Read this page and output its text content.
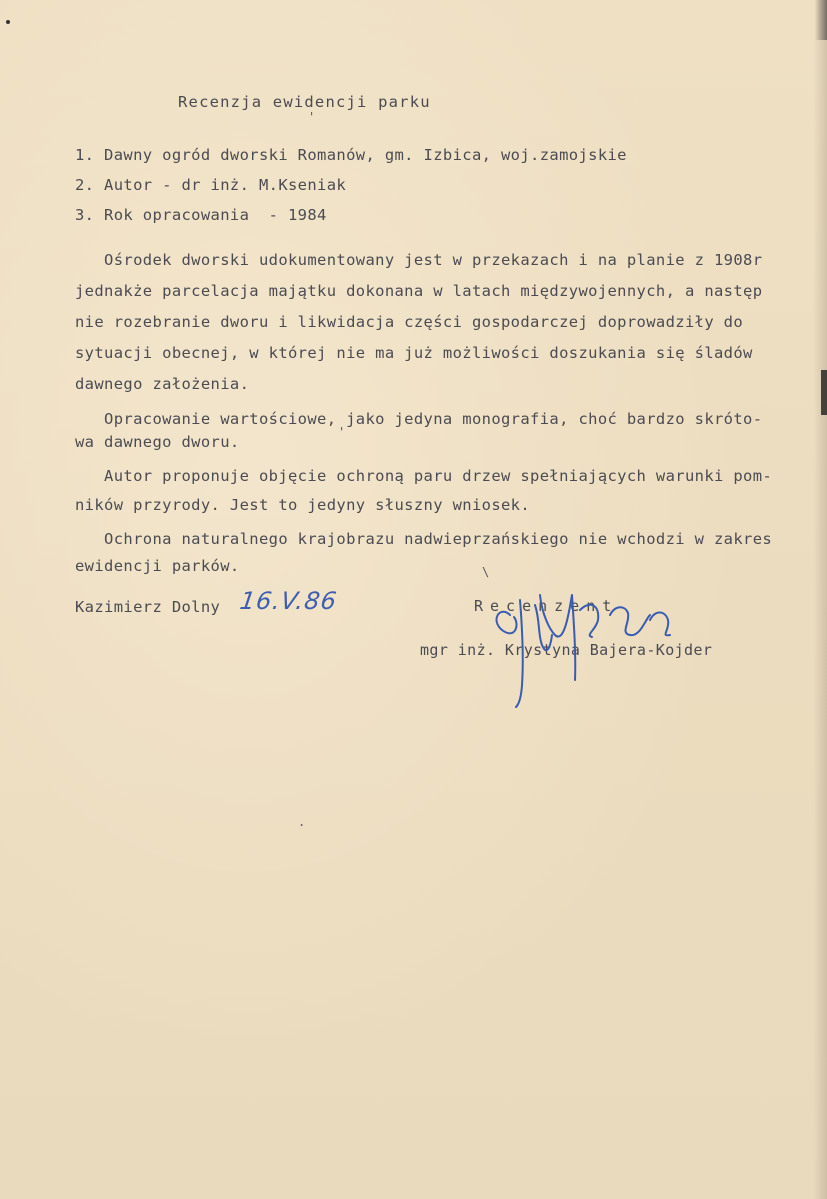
Recenzja ewidencji parku
1. Dawny ogród dworski Romanów, gm. Izbica, woj.zamojskie
2. Autor - dr inż. M.Kseniak
3. Rok opracowania  - 1984
Ośrodek dworski udokumentowany jest w przekazach i na planie z 1908r
jednakże parcelacja majątku dokonana w latach międzywojennych, a następ
nie rozebranie dworu i likwidacja części gospodarczej doprowadziły do
sytuacji obecnej, w której nie ma już możliwości doszukania się śladów
dawnego założenia.
Opracowanie wartościowe, jako jedyna monografia, choć bardzo skróto-
wa dawnego dworu.
Autor proponuje objęcie ochroną paru drzew spełniających warunki pom-
ników przyrody. Jest to jedyny słuszny wniosek.
Ochrona naturalnego krajobrazu nadwieprzańskiego nie wchodzi w zakres
ewidencji parków.
Kazimierz Dolny 16.V.86	Recenzent
mgr inż. Krystyna Bajera-Kojder
'
'
.
\
